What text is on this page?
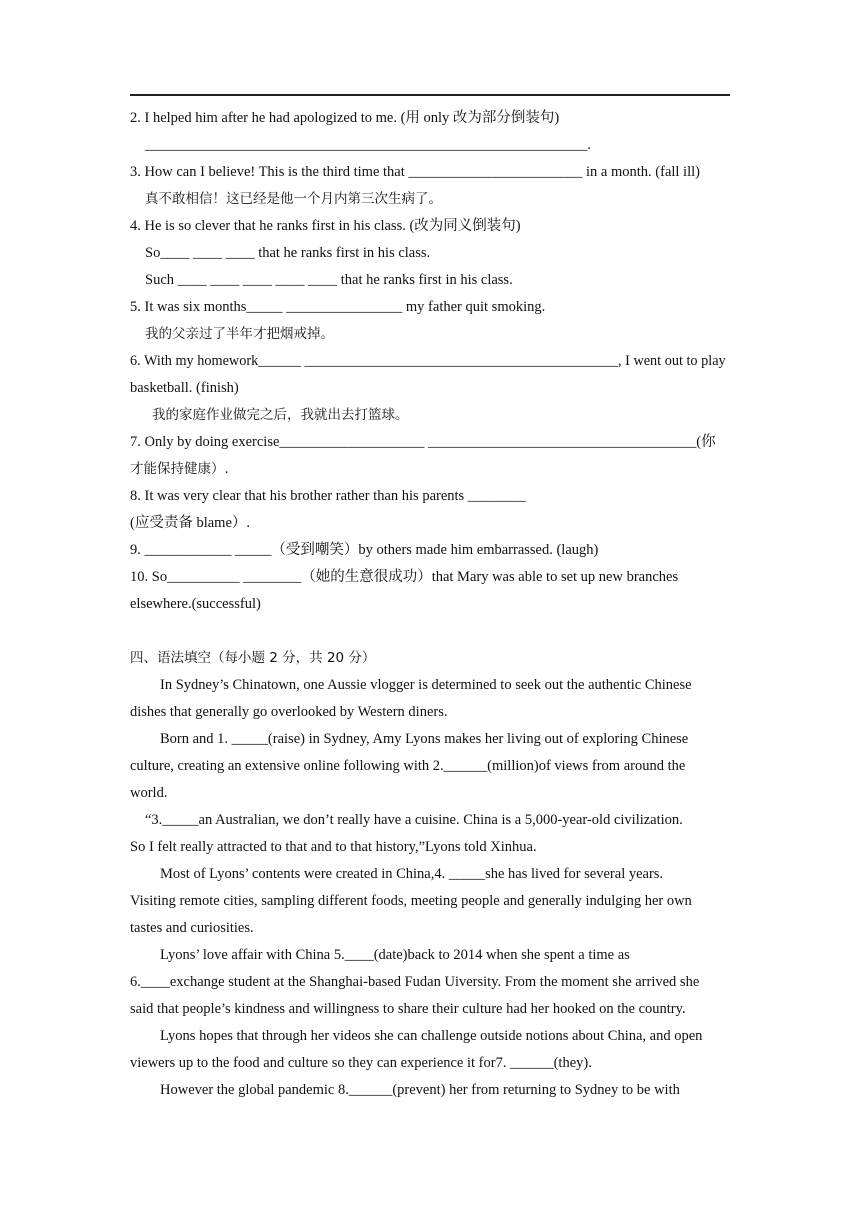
2. I helped him after he had apologized to me. (用 only 改为部分倒装句)
_____________________________________________________________.
3. How can I believe! This is the third time that ________________________ in a month. (fall ill)
真不敢相信！这已经是他一个月内第三次生病了。
4. He is so clever that he ranks first in his class. (改为同义倒装句)
So____ ____ ____ that he ranks first in his class.
Such ____ ____ ____ ____ ____ that he ranks first in his class.
5. It was six months_____ ________________ my father quit smoking.
我的父亲过了半年才把烟戒掉。
6. With my homework______ ____________________________________________, I went out to play
basketball. (finish)
我的家庭作业做完之后，我就出去打篮球。
7. Only by doing exercise____________________ _____________________________________(你
才能保持健康）.
8. It was very clear that his brother rather than his parents ________
(应受责备 blame）.
9. ____________ _____（受到嘲笑）by others made him embarrassed. (laugh)
10. So__________ ________（她的生意很成功）that Mary was able to set up new branches
elsewhere.(successful)
四、语法填空（每小题 2 分，共 20 分）
In Sydney’s Chinatown, one Aussie vlogger is determined to seek out the authentic Chinese
dishes that generally go overlooked by Western diners.
Born and 1. _____(raise) in Sydney, Amy Lyons makes her living out of exploring Chinese
culture, creating an extensive online following with 2.______(million)of views from around the
world.
“3._____an Australian, we don’t really have a cuisine. China is a 5,000-year-old civilization.
So I felt really attracted to that and to that history,”Lyons told Xinhua.
Most of Lyons’ contents were created in China,4. _____she has lived for several years.
Visiting remote cities, sampling different foods, meeting people and generally indulging her own
tastes and curiosities.
Lyons’ love affair with China 5.____(date)back to 2014 when she spent a time as
6.____exchange student at the Shanghai-based Fudan Uiversity. From the moment she arrived she
said that people’s kindness and willingness to share their culture had her hooked on the country.
Lyons hopes that through her videos she can challenge outside notions about China, and open
viewers up to the food and culture so they can experience it for7. ______(they).
However the global pandemic 8.______(prevent) her from returning to Sydney to be with
